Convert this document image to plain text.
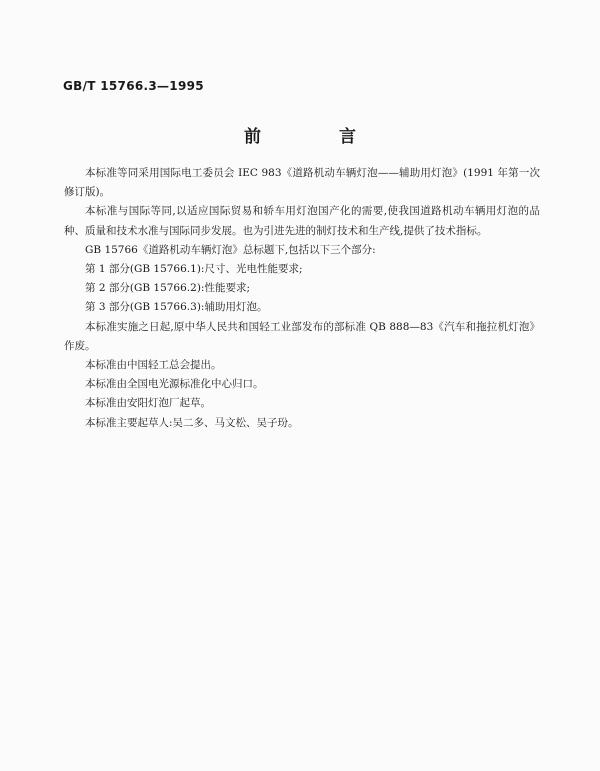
GB/T 15766.3—1995
前 言

本标准等同采用国际电工委员会 IEC 983《道路机动车辆灯泡——辅助用灯泡》(1991 年第一次修订版)。

本标准与国际等同,以适应国际贸易和轿车用灯泡国产化的需要,使我国道路机动车辆用灯泡的品种、质量和技术水准与国际同步发展。也为引进先进的制灯技术和生产线,提供了技术指标。

GB 15766《道路机动车辆灯泡》总标题下,包括以下三个部分:

第 1 部分(GB 15766.1):尺寸、光电性能要求;

第 2 部分(GB 15766.2):性能要求;

第 3 部分(GB 15766.3):辅助用灯泡。

本标准实施之日起,原中华人民共和国轻工业部发布的部标准 QB 888—83《汽车和拖拉机灯泡》作废。

本标准由中国轻工总会提出。

本标准由全国电光源标准化中心归口。

本标准由安阳灯泡厂起草。

本标准主要起草人:吴二多、马文松、吴子玢。
